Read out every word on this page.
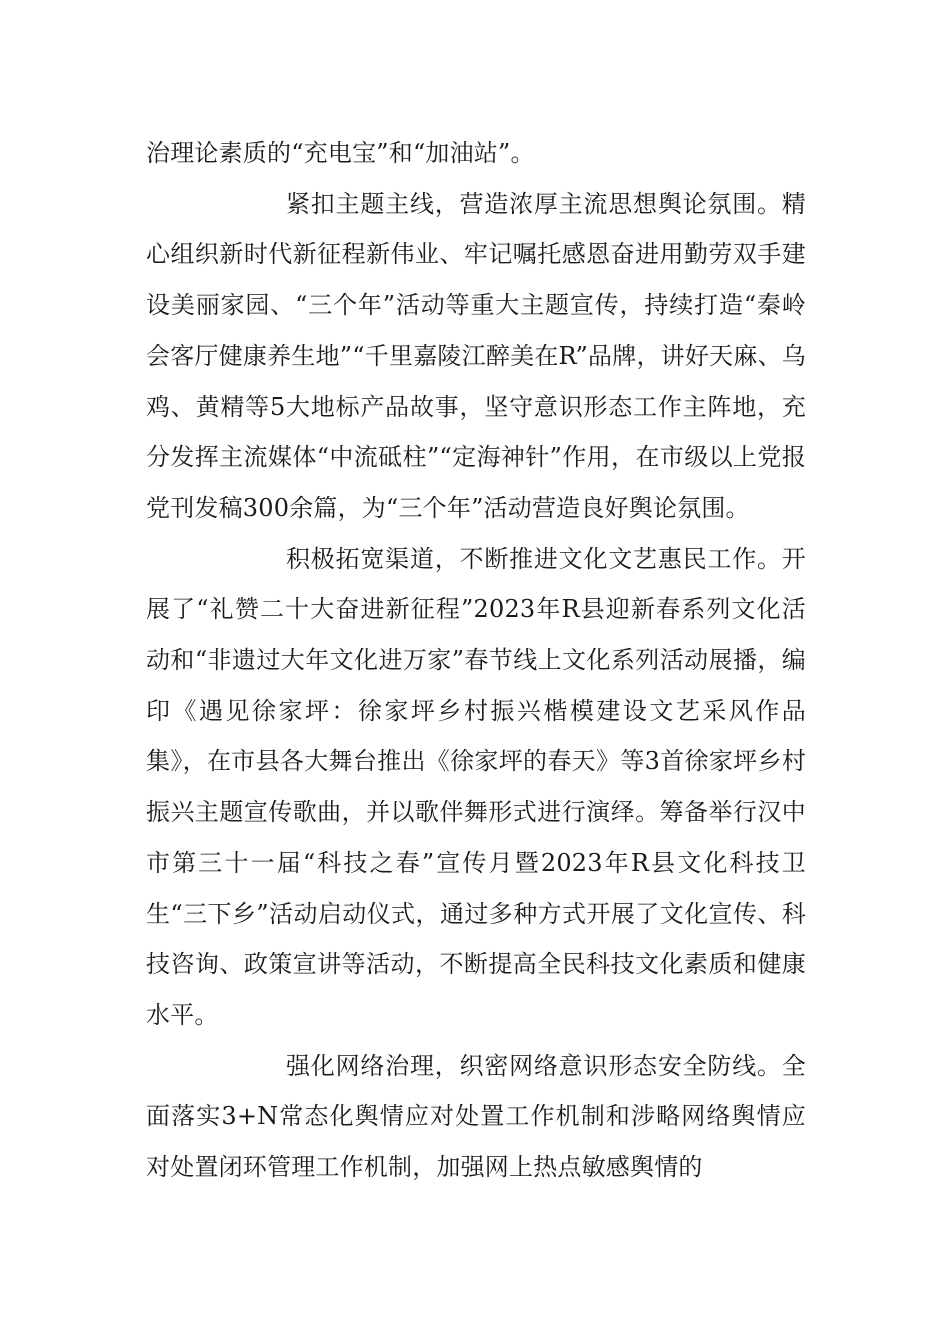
治理论素质的“充电宝”和“加油站”。

紧扣主题主线，营造浓厚主流思想舆论氛围。精心组织新时代新征程新伟业、牢记嘱托感恩奋进用勤劳双手建设美丽家园、“三个年”活动等重大主题宣传，持续打造“秦岭会客厅健康养生地”“千里嘉陵江醉美在R”品牌，讲好天麻、乌鸡、黄精等5大地标产品故事，坚守意识形态工作主阵地，充分发挥主流媒体“中流砥柱”“定海神针”作用，在市级以上党报党刊发稿300余篇，为“三个年”活动营造良好舆论氛围。

积极拓宽渠道，不断推进文化文艺惠民工作。开展了“礼赞二十大奋进新征程”2023年R县迎新春系列文化活动和“非遗过大年文化进万家”春节线上文化系列活动展播，编印《遇见徐家坪：徐家坪乡村振兴楷模建设文艺采风作品集》，在市县各大舞台推出《徐家坪的春天》等3首徐家坪乡村振兴主题宣传歌曲，并以歌伴舞形式进行演绎。筹备举行汉中市第三十一届“科技之春”宣传月暨2023年R县文化科技卫生“三下乡”活动启动仪式，通过多种方式开展了文化宣传、科技咨询、政策宣讲等活动，不断提高全民科技文化素质和健康水平。

强化网络治理，织密网络意识形态安全防线。全面落实3+N常态化舆情应对处置工作机制和涉略网络舆情应对处置闭环管理工作机制，加强网上热点敏感舆情的
